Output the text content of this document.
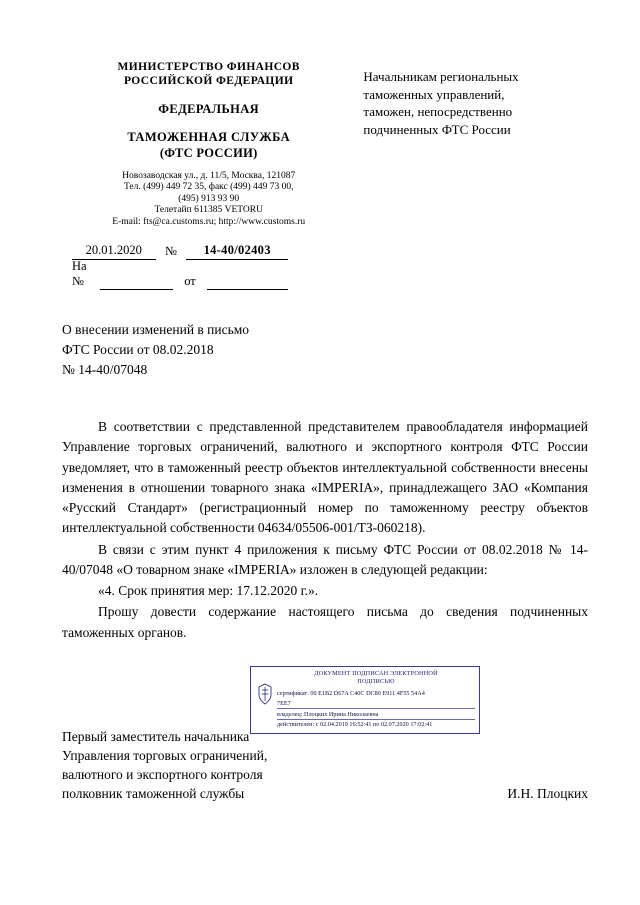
МИНИСТЕРСТВО ФИНАНСОВ
РОССИЙСКОЙ ФЕДЕРАЦИИ
ФЕДЕРАЛЬНАЯ
ТАМОЖЕННАЯ СЛУЖБА
(ФТС РОССИИ)
Новозаводская ул., д. 11/5, Москва, 121087
Тел. (499) 449 72 35, факс (499) 449 73 00,
(495) 913 93 90
Телетайп 611385 VETORU
E-mail: fts@ca.customs.ru; http://www.customs.ru
Начальникам региональных
таможенных управлений,
таможен, непосредственно
подчиненных ФТС России
20.01.2020	№	14-40/02403
На №	от
О внесении изменений в письмо
ФТС России от 08.02.2018
№ 14-40/07048

В соответствии с представленной представителем правообладателя информацией Управление торговых ограничений, валютного и экспортного контроля ФТС России уведомляет, что в таможенный реестр объектов интеллектуальной собственности внесены изменения в отношении товарного знака «IMPERIA», принадлежащего ЗАО «Компания «Русский Стандарт» (регистрационный номер по таможенному реестру объектов интеллектуальной собственности 04634/05506-001/ТЗ-060218).

В связи с этим пункт 4 приложения к письму ФТС России от 08.02.2018 № 14-40/07048 «О товарном знаке «IMPERIA» изложен в следующей редакции:

«4. Срок принятия мер: 17.12.2020 г.».

Прошу довести содержание настоящего письма до сведения подчиненных таможенных органов.

Первый заместитель начальника
Управления торговых ограничений,
валютного и экспортного контроля
полковник таможенной службы	И.Н. Плоцких
ДОКУМЕНТ ПОДПИСАН ЭЛЕКТРОННОЙ
ПОДПИСЬЮ
сертификат: 00 E1B2 D67A C40C DC80 E911 4F55 54A4
7EE7
владелец: Плоцких Ирина Николаевна
действителен: с 02.04.2019 16:52:41 по 02.07.2020 17:02:41
